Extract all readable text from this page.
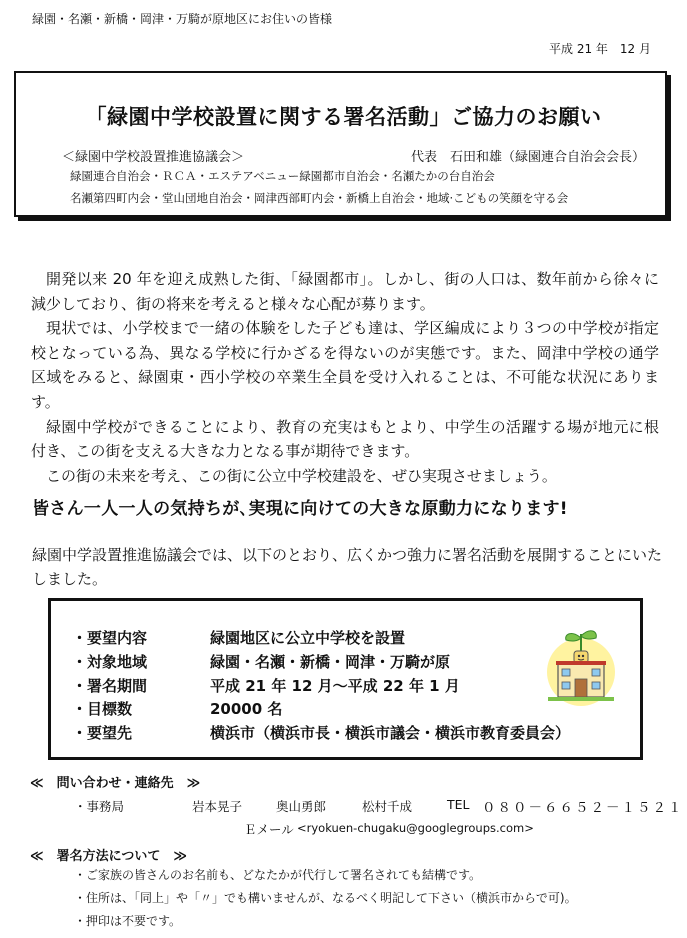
緑園・名瀬・新橋・岡津・万騎が原地区にお住いの皆様
平成 21 年　12 月
「緑園中学校設置に関する署名活動」ご協力のお願い
＜緑園中学校設置推進協議会＞	代表　石田和雄（緑園連合自治会会長）
緑園連合自治会・ＲＣＡ・エステアベニュー緑園都市自治会・名瀬たかの台自治会
名瀬第四町内会・堂山団地自治会・岡津西部町内会・新橋上自治会・地域·こどもの笑顔を守る会

開発以来 20 年を迎え成熟した街、「緑園都市」。しかし、街の人口は、数年前から徐々に減少しており、街の将来を考えると様々な心配が募ります。

現状では、小学校まで一緒の体験をした子ども達は、学区編成により３つの中学校が指定校となっている為、異なる学校に行かざるを得ないのが実態です。また、岡津中学校の通学区域をみると、緑園東・西小学校の卒業生全員を受け入れることは、不可能な状況にあります。

緑園中学校ができることにより、教育の充実はもとより、中学生の活躍する場が地元に根付き、この街を支える大きな力となる事が期待できます。

この街の未来を考え、この街に公立中学校建設を、ぜひ実現させましょう。

皆さん一人一人の気持ちが､実現に向けての大きな原動力になります!
緑園中学設置推進協議会では、以下のとおり、広くかつ強力に署名活動を展開することにいたしました。
・要望内容	緑園地区に公立中学校を設置
・対象地域	緑園・名瀬・新橋・岡津・万騎が原
・署名期間	平成 21 年 12 月～平成 22 年 1 月
・目標数	20000 名
・要望先	横浜市（横浜市長・横浜市議会・横浜市教育委員会）
≪　問い合わせ・連絡先　≫
・事務局	岩本晃子	奥山勇郎	松村千成	TEL ０８０－６６５２－１５２１
Ｅメール <ryokuen-chugaku@googlegroups.com>
≪　署名方法について　≫
・ご家族の皆さんのお名前も、どなたかが代行して署名されても結構です。
・住所は、「同上」や「〃」でも構いませんが、なるべく明記して下さい（横浜市からで可)。
・押印は不要です。
